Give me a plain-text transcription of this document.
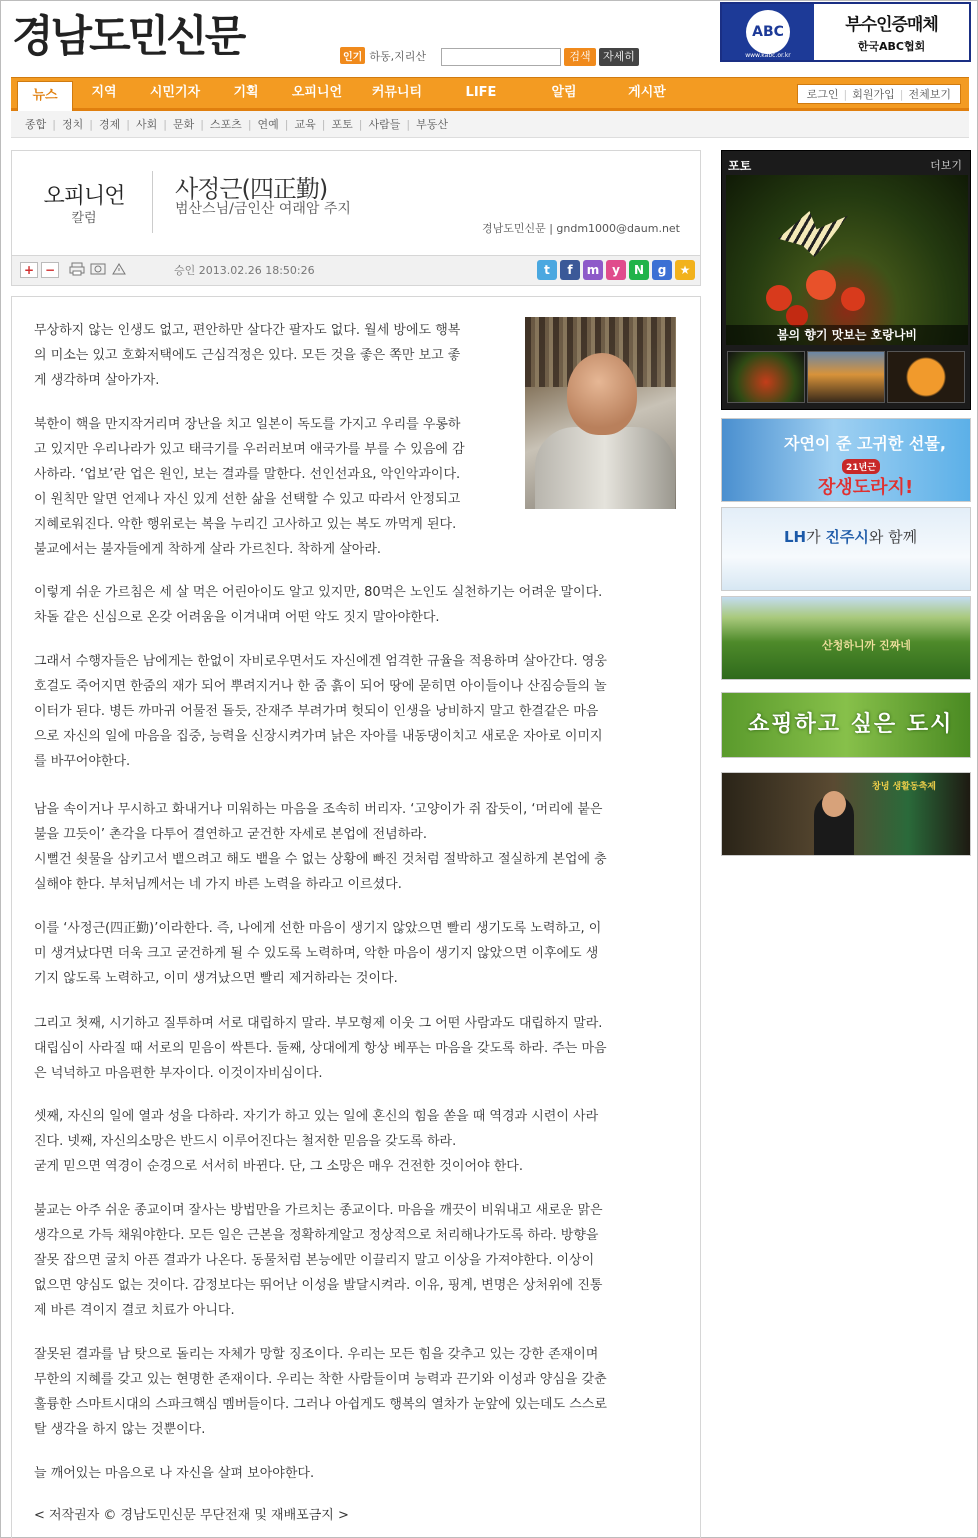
경남도민신문	인기 하동,지리산	검색	자세히
ABC
www.kabc.or.kr
부수인증매체
한국ABC협회
뉴스	지역	시민기자	기획	오피니언	커뮤니티	LIFE	알림	게시판	로그인 | 회원가입 | 전체보기
종합 | 정치 | 경제 | 사회 | 문화 | 스포츠 | 연예 | 교육 | 포토 | 사람들 | 부동산
오피니언
칼럼
사정근(四正勤)
범산스님/금인산 여래암 주지
경남도민신문 | gndm1000@daum.net
+ −	승인 2013.02.26 18:50:26	t	f	m	y	N	g	★
무상하지 않는 인생도 없고, 편안하만 살다간 팔자도 없다. 월세 방에도 행복
의 미소는 있고 호화저택에도 근심걱정은 있다. 모든 것을 좋은 쪽만 보고 좋
게 생각하며 살아가자.
북한이 핵을 만지작거리며 장난을 치고 일본이 독도를 가지고 우리를 우롱하
고 있지만 우리나라가 있고 태극기를 우러러보며 애국가를 부를 수 있음에 감
사하라. ‘업보’란 업은 원인, 보는 결과를 말한다. 선인선과요, 악인악과이다.
이 원칙만 알면 언제나 자신 있게 선한 삶을 선택할 수 있고 따라서 안정되고
지혜로워진다. 악한 행위로는 복을 누리긴 고사하고 있는 복도 까먹게 된다.
불교에서는 불자들에게 착하게 살라 가르친다. 착하게 살아라.
이렇게 쉬운 가르침은 세 살 먹은 어린아이도 알고 있지만, 80먹은 노인도 실천하기는 어려운 말이다.
차돌 같은 신심으로 온갖 어려움을 이겨내며 어떤 악도 짓지 말아야한다.
그래서 수행자들은 남에게는 한없이 자비로우면서도 자신에겐 엄격한 규율을 적용하며 살아간다. 영웅
호걸도 죽어지면 한줌의 재가 되어 뿌려지거나 한 줌 흙이 되어 땅에 묻히면 아이들이나 산짐승들의 놀
이터가 된다. 병든 까마귀 어물전 돌듯, 잔재주 부려가며 헛되이 인생을 낭비하지 말고 한결같은 마음
으로 자신의 일에 마음을 집중, 능력을 신장시켜가며 낡은 자아를 내동댕이치고 새로운 자아로 이미지
를 바꾸어야한다.
남을 속이거나 무시하고 화내거나 미워하는 마음을 조속히 버리자. ‘고양이가 쥐 잡듯이, ‘머리에 붙은
불을 끄듯이’ 촌각을 다투어 결연하고 굳건한 자세로 본업에 전념하라.
시뻘건 쇳물을 삼키고서 뱉으려고 해도 뱉을 수 없는 상황에 빠진 것처럼 절박하고 절실하게 본업에 충
실해야 한다. 부처님께서는 네 가지 바른 노력을 하라고 이르셨다.
이를 ‘사정근(四正勤)’이라한다. 즉, 나에게 선한 마음이 생기지 않았으면 빨리 생기도록 노력하고, 이
미 생겨났다면 더욱 크고 굳건하게 될 수 있도록 노력하며, 악한 마음이 생기지 않았으면 이후에도 생
기지 않도록 노력하고, 이미 생겨났으면 빨리 제거하라는 것이다.
그리고 첫째, 시기하고 질투하며 서로 대립하지 말라. 부모형제 이웃 그 어떤 사람과도 대립하지 말라.
대립심이 사라질 때 서로의 믿음이 싹튼다. 둘째, 상대에게 항상 베푸는 마음을 갖도록 하라. 주는 마음
은 넉넉하고 마음편한 부자이다. 이것이자비심이다.
셋째, 자신의 일에 열과 성을 다하라. 자기가 하고 있는 일에 혼신의 힘을 쏟을 때 역경과 시련이 사라
진다. 넷째, 자신의소망은 반드시 이루어진다는 철저한 믿음을 갖도록 하라.
굳게 믿으면 역경이 순경으로 서서히 바뀐다. 단, 그 소망은 매우 건전한 것이어야 한다.
불교는 아주 쉬운 종교이며 잘사는 방법만을 가르치는 종교이다. 마음을 깨끗이 비워내고 새로운 맑은
생각으로 가득 채워야한다. 모든 일은 근본을 정확하게알고 정상적으로 처리해나가도록 하라. 방향을
잘못 잡으면 굴치 아픈 결과가 나온다. 동물처럼 본능에만 이끌리지 말고 이상을 가져야한다. 이상이
없으면 양심도 없는 것이다. 감정보다는 뛰어난 이성을 발달시켜라. 이유, 핑계, 변명은 상처위에 진통
제 바른 격이지 결코 치료가 아니다.
잘못된 결과를 남 탓으로 돌리는 자체가 망할 징조이다. 우리는 모든 힘을 갖추고 있는 강한 존재이며
무한의 지혜를 갖고 있는 현명한 존재이다. 우리는 착한 사람들이며 능력과 끈기와 이성과 양심을 갖춘
훌륭한 스마트시대의 스파크핵심 멤버들이다. 그러나 아쉽게도 행복의 열차가 눈앞에 있는데도 스스로
탈 생각을 하지 않는 것뿐이다.
늘 깨어있는 마음으로 나 자신을 살펴 보아야한다.
< 저작권자 © 경남도민신문 무단전재 및 재배포금지 >
포토	더보기
봄의 향기 맛보는 호랑나비
자연이 준 고귀한 선물,
21년근
장생도라지!
LH가 진주시와 함께
산청하니까 진짜네
쇼핑하고 싶은 도시
창녕 생활동축제
